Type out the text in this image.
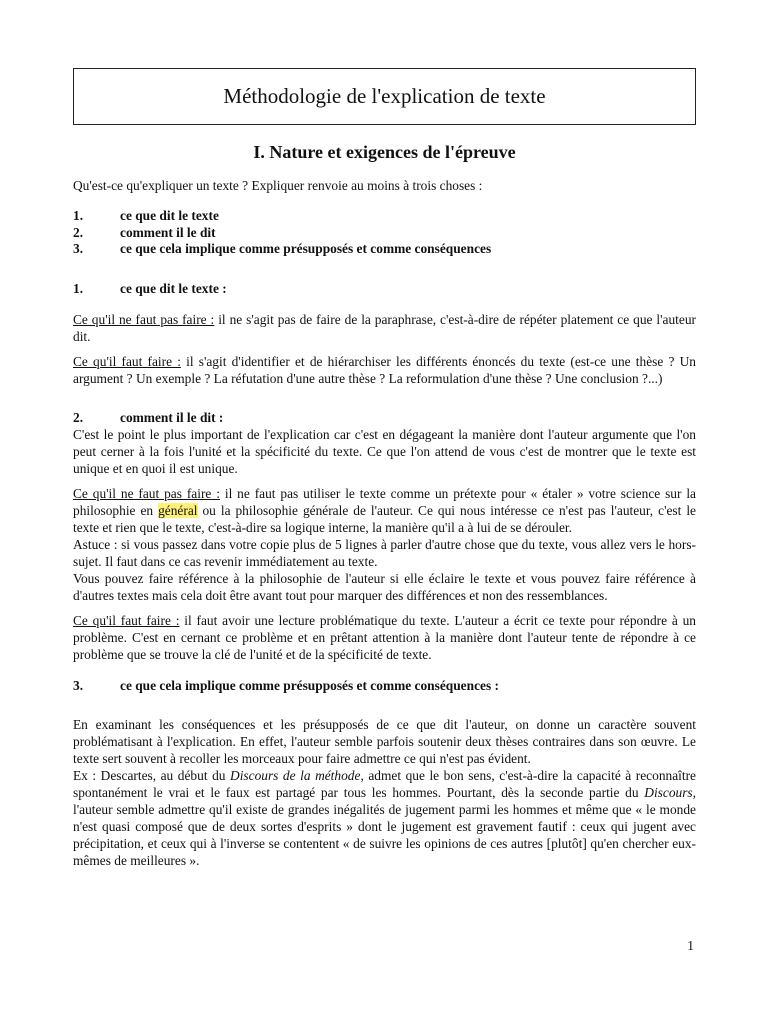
Méthodologie de l'explication de texte
I. Nature et exigences de l'épreuve

Qu'est-ce qu'expliquer un texte ? Expliquer renvoie au moins à trois choses :

1.	ce que dit le texte
2.	comment il le dit
3.	ce que cela implique comme présupposés et comme conséquences
1.	ce que dit le texte :

Ce qu'il ne faut pas faire : il ne s'agit pas de faire de la paraphrase, c'est-à-dire de répéter platement ce que l'auteur dit.

Ce qu'il faut faire : il s'agit d'identifier et de hiérarchiser les différents énoncés du texte (est-ce une thèse ? Un argument ? Un exemple ? La réfutation d'une autre thèse ? La reformulation d'une thèse ? Une conclusion ?...)

2.	comment il le dit :

C'est le point le plus important de l'explication car c'est en dégageant la manière dont l'auteur argumente que l'on peut cerner à la fois l'unité et la spécificité du texte. Ce que l'on attend de vous c'est de montrer que le texte est unique et en quoi il est unique.

Ce qu'il ne faut pas faire : il ne faut pas utiliser le texte comme un prétexte pour « étaler » votre science sur la philosophie en général ou la philosophie générale de l'auteur. Ce qui nous intéresse ce n'est pas l'auteur, c'est le texte et rien que le texte, c'est-à-dire sa logique interne, la manière qu'il a à lui de se dérouler.

Astuce : si vous passez dans votre copie plus de 5 lignes à parler d'autre chose que du texte, vous allez vers le hors-sujet. Il faut dans ce cas revenir immédiatement au texte.

Vous pouvez faire référence à la philosophie de l'auteur si elle éclaire le texte et vous pouvez faire référence à d'autres textes mais cela doit être avant tout pour marquer des différences et non des ressemblances.

Ce qu'il faut faire : il faut avoir une lecture problématique du texte. L'auteur a écrit ce texte pour répondre à un problème. C'est en cernant ce problème et en prêtant attention à la manière dont l'auteur tente de répondre à ce problème que se trouve la clé de l'unité et de la spécificité de texte.

3.	ce que cela implique comme présupposés et comme conséquences :

En examinant les conséquences et les présupposés de ce que dit l'auteur, on donne un caractère souvent problématisant à l'explication. En effet, l'auteur semble parfois soutenir deux thèses contraires dans son œuvre. Le texte sert souvent à recoller les morceaux pour faire admettre ce qui n'est pas évident.

Ex : Descartes, au début du Discours de la méthode, admet que le bon sens, c'est-à-dire la capacité à reconnaître spontanément le vrai et le faux est partagé par tous les hommes. Pourtant, dès la seconde partie du Discours, l'auteur semble admettre qu'il existe de grandes inégalités de jugement parmi les hommes et même que « le monde n'est quasi composé que de deux sortes d'esprits » dont le jugement est gravement fautif : ceux qui jugent avec précipitation, et ceux qui à l'inverse se contentent « de suivre les opinions de ces autres [plutôt] qu'en chercher eux-mêmes de meilleures ».

1
